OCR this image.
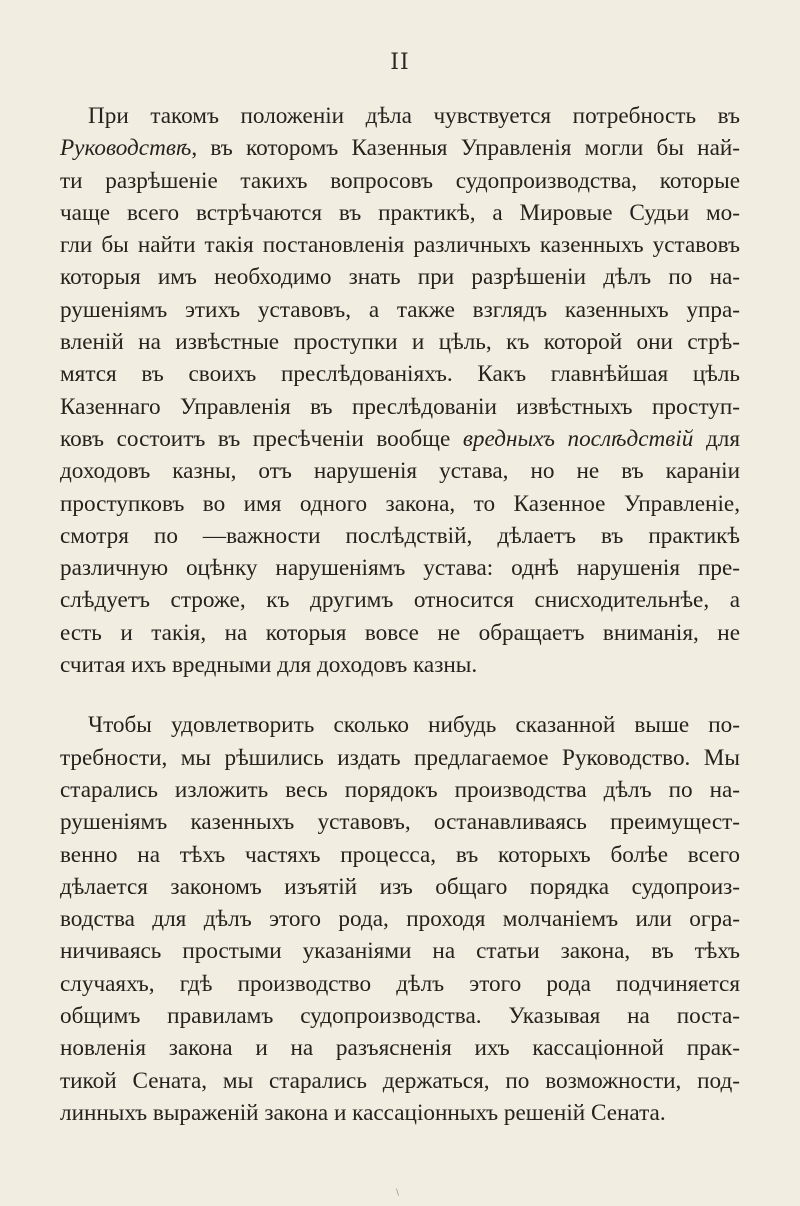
II
При такомъ положеніи дѣла чувствуется потребность въ
Руководствѣ, въ которомъ Казенныя Управленія могли бы най-
ти разрѣшеніе такихъ вопросовъ судопроизводства, которые
чаще всего встрѣчаются въ практикѣ, а Мировые Судьи мо-
гли бы найти такія постановленія различныхъ казенныхъ уставовъ
которыя имъ необходимо знать при разрѣшеніи дѣлъ по на-
рушеніямъ этихъ уставовъ, а также взглядъ казенныхъ упра-
вленій на извѣстные проступки и цѣль, къ которой они стрѣ-
мятся въ своихъ преслѣдованіяхъ. Какъ главнѣйшая цѣль
Казеннаго Управленія въ преслѣдованіи извѣстныхъ проступ-
ковъ состоитъ въ пресѣченіи вообще вредныхъ послѣдствій для
доходовъ казны, отъ нарушенія устава, но не въ караніи
проступковъ во имя одного закона, то Казенное Управленіе,
смотря по —важности послѣдствій, дѣлаетъ въ практикѣ
различную оцѣнку нарушеніямъ устава: однѣ нарушенія пре-
слѣдуетъ строже, къ другимъ относится снисходительнѣе, а
есть и такія, на которыя вовсе не обращаетъ вниманія, не
считая ихъ вредными для доходовъ казны.
Чтобы удовлетворить сколько нибудь сказанной выше по-
требности, мы рѣшились издать предлагаемое Руководство. Мы
старались изложить весь порядокъ производства дѣлъ по на-
рушеніямъ казенныхъ уставовъ, останавливаясь преимущест-
венно на тѣхъ частяхъ процесса, въ которыхъ болѣе всего
дѣлается закономъ изъятій изъ общаго порядка судопроиз-
водства для дѣлъ этого рода, проходя молчаніемъ или огра-
ничиваясь простыми указаніями на статьи закона, въ тѣхъ
случаяхъ, гдѣ производство дѣлъ этого рода подчиняется
общимъ правиламъ судопроизводства. Указывая на поста-
новленія закона и на разъясненія ихъ кассаціонной прак-
тикой Сената, мы старались держаться, по возможности, под-
линныхъ выраженій закона и кассаціонныхъ решеній Сената.
\
